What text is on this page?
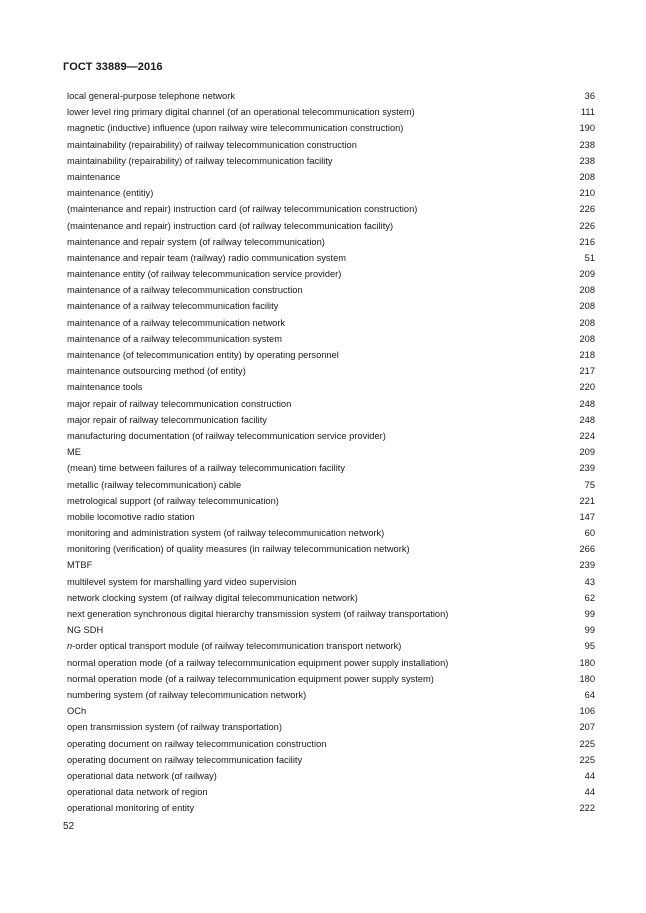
ГОСТ 33889—2016
local general-purpose telephone network	36
lower level ring primary digital channel (of an operational telecommunication system)	111
magnetic (inductive) influence (upon railway wire telecommunication construction)	190
maintainability (repairability) of railway telecommunication construction	238
maintainability (repairability) of railway telecommunication facility	238
maintenance	208
maintenance (entitiy)	210
(maintenance and repair) instruction card (of railway telecommunication construction)	226
(maintenance and repair) instruction card (of railway telecommunication facility)	226
maintenance and repair system (of railway telecommunication)	216
maintenance and repair team (railway) radio communication system	51
maintenance entity (of railway telecommunication service provider)	209
maintenance of a railway telecommunication construction	208
maintenance of a railway telecommunication facility	208
maintenance of a railway telecommunication network	208
maintenance of a railway telecommunication system	208
maintenance (of telecommunication entity) by operating personnel	218
maintenance outsourcing method (of entity)	217
maintenance tools	220
major repair of railway telecommunication construction	248
major repair of railway telecommunication facility	248
manufacturing documentation (of railway telecommunication service provider)	224
ME	209
(mean) time between failures of a railway telecommunication facility	239
metallic (railway telecommunication) cable	75
metrological support (of railway telecommunication)	221
mobile locomotive radio station	147
monitoring and administration system (of railway telecommunication network)	60
monitoring (verification) of quality measures (in railway telecommunication network)	266
MTBF	239
multilevel system for marshalling yard video supervision	43
network clocking system (of railway digital telecommunication network)	62
next generation synchronous digital hierarchy transmission system (of railway transportation)	99
NG SDH	99
n-order optical transport module (of railway telecommunication transport network)	95
normal operation mode (of a railway telecommunication equipment power supply installation)	180
normal operation mode (of a railway telecommunication equipment power supply system)	180
numbering system (of railway telecommunication network)	64
OCh	106
open transmission system (of railway transportation)	207
operating document on railway telecommunication construction	225
operating document on railway telecommunication facility	225
operational data network (of railway)	44
operational data network of region	44
operational monitoring of entity	222
52
